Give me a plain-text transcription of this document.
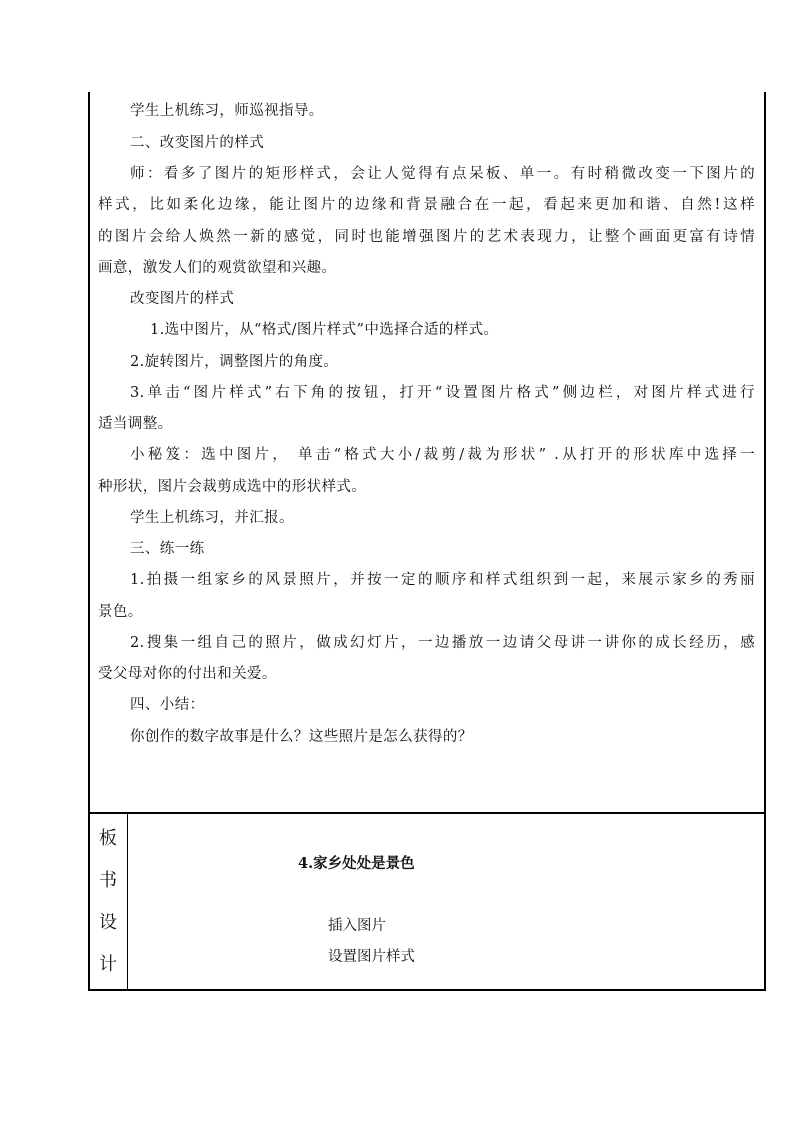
学生上机练习，师巡视指导。
二、改变图片的样式
师：看多了图片的矩形样式，会让人觉得有点呆板、单一。有时稍微改变一下图片的
样式，比如柔化边缘，能让图片的边缘和背景融合在一起，看起来更加和谐、自然!这样
的图片会给人焕然一新的感觉，同时也能增强图片的艺术表现力，让整个画面更富有诗情
画意，激发人们的观赏欲望和兴趣。
改变图片的样式
1.选中图片，从“格式/图片样式”中选择合适的样式。
2.旋转图片，调整图片的角度。
3.单击“图片样式”右下角的按钮，打开“设置图片格式”侧边栏，对图片样式进行
适当调整。
小秘笈：选中图片， 单击“格式大小/裁剪/裁为形状” .从打开的形状库中选择一
种形状，图片会裁剪成选中的形状样式。
学生上机练习，并汇报。
三、练一练
1.拍摄一组家乡的风景照片，并按一定的顺序和样式组织到一起，来展示家乡的秀丽
景色。
2.搜集一组自己的照片，做成幻灯片，一边播放一边请父母讲一讲你的成长经历，感
受父母对你的付出和关爱。
四、小结：
你创作的数字故事是什么？这些照片是怎么获得的？
板
书
设
计
4.家乡处处是景色
插入图片
设置图片样式
